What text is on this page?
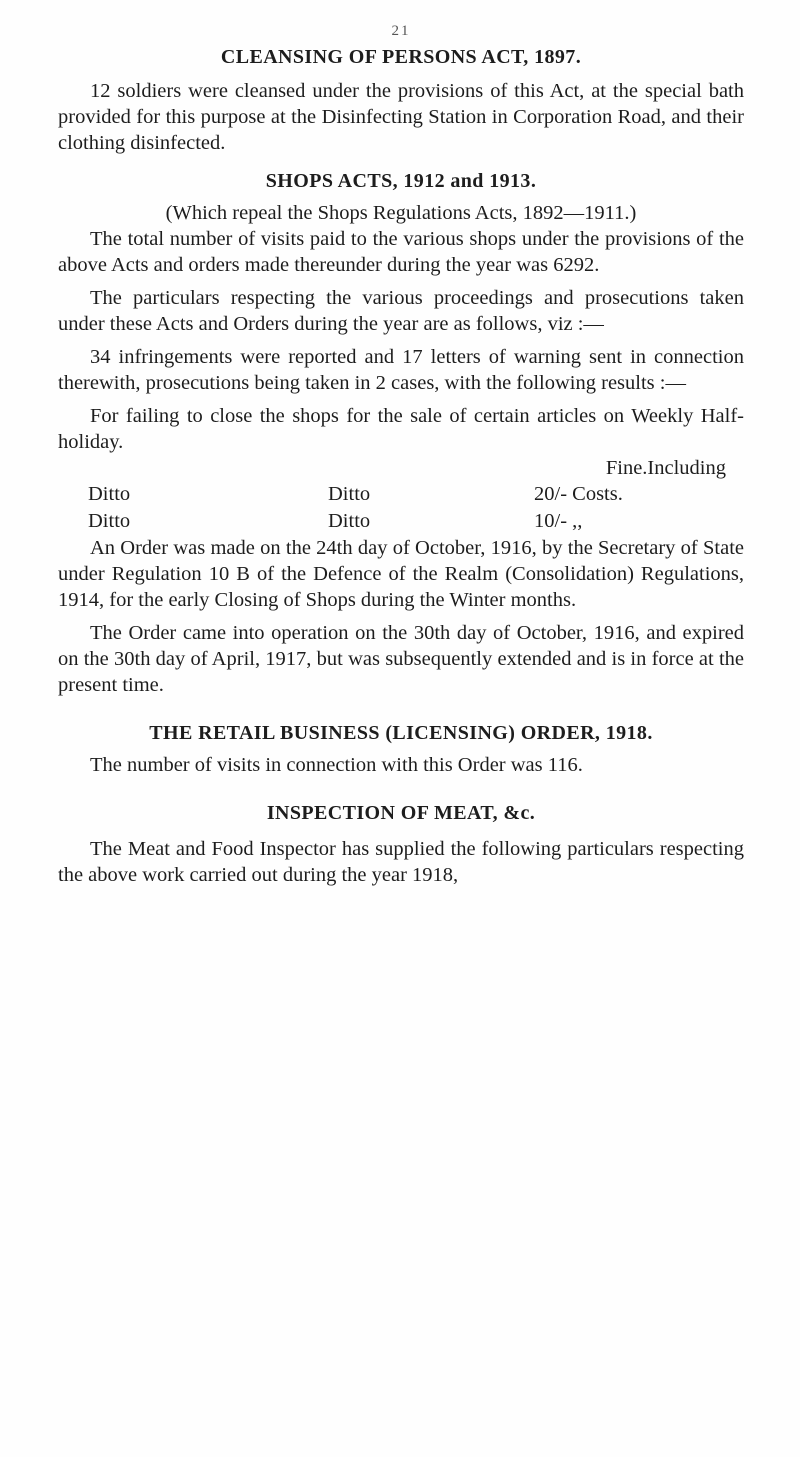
21
CLEANSING OF PERSONS ACT, 1897.

12 soldiers were cleansed under the provisions of this Act, at the special bath provided for this purpose at the Disinfecting Station in Corporation Road, and their clothing disinfected.

SHOPS ACTS, 1912 and 1913.
(Which repeal the Shops Regulations Acts, 1892—1911.)

The total number of visits paid to the various shops under the provisions of the above Acts and orders made thereunder during the year was 6292.

The particulars respecting the various proceedings and prosecutions taken under these Acts and Orders during the year are as follows, viz :—

34 infringements were reported and 17 letters of warning sent in connection therewith, prosecutions being taken in 2 cases, with the following results :—

For failing to close the shops for the sale of certain articles on Weekly Half-holiday.

Fine.Including
Ditto	Ditto	20/- Costs.
Ditto	Ditto	10/- ,,

An Order was made on the 24th day of October, 1916, by the Secretary of State under Regulation 10 B of the Defence of the Realm (Consolidation) Regulations, 1914, for the early Closing of Shops during the Winter months.

The Order came into operation on the 30th day of October, 1916, and expired on the 30th day of April, 1917, but was subsequently extended and is in force at the present time.

THE RETAIL BUSINESS (LICENSING) ORDER, 1918.

The number of visits in connection with this Order was 116.

INSPECTION OF MEAT, &c.

The Meat and Food Inspector has supplied the following particulars respecting the above work carried out during the year 1918,
